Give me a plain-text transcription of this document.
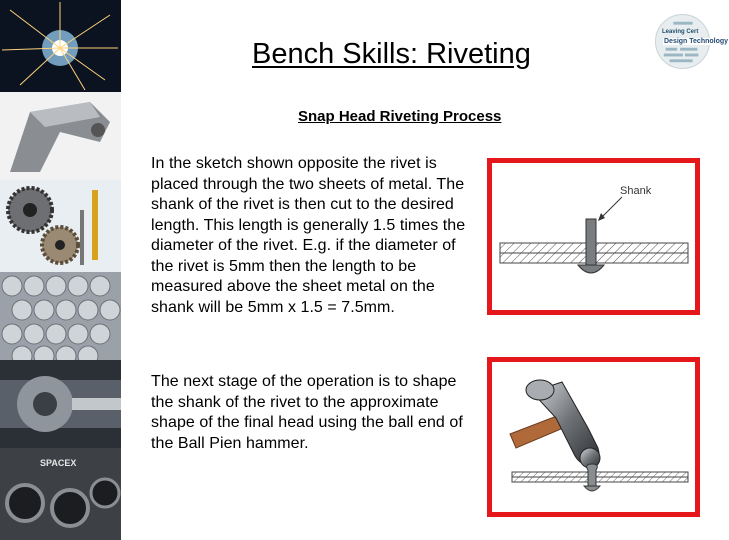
SPACEX
Leaving Cert
Design Technology
Bench Skills: Riveting
Snap Head Riveting Process
In the sketch shown opposite the rivet is placed through the two sheets of metal. The shank of the rivet is then cut to the desired length. This length is generally 1.5 times the diameter of the rivet. E.g. if the diameter of the rivet is 5mm then the length to be measured above the sheet metal on the shank will be 5mm x 1.5 = 7.5mm.
The next stage of the operation is to shape the shank of the rivet to the approximate shape of the final head using the ball end of the Ball Pien hammer.
Shank
